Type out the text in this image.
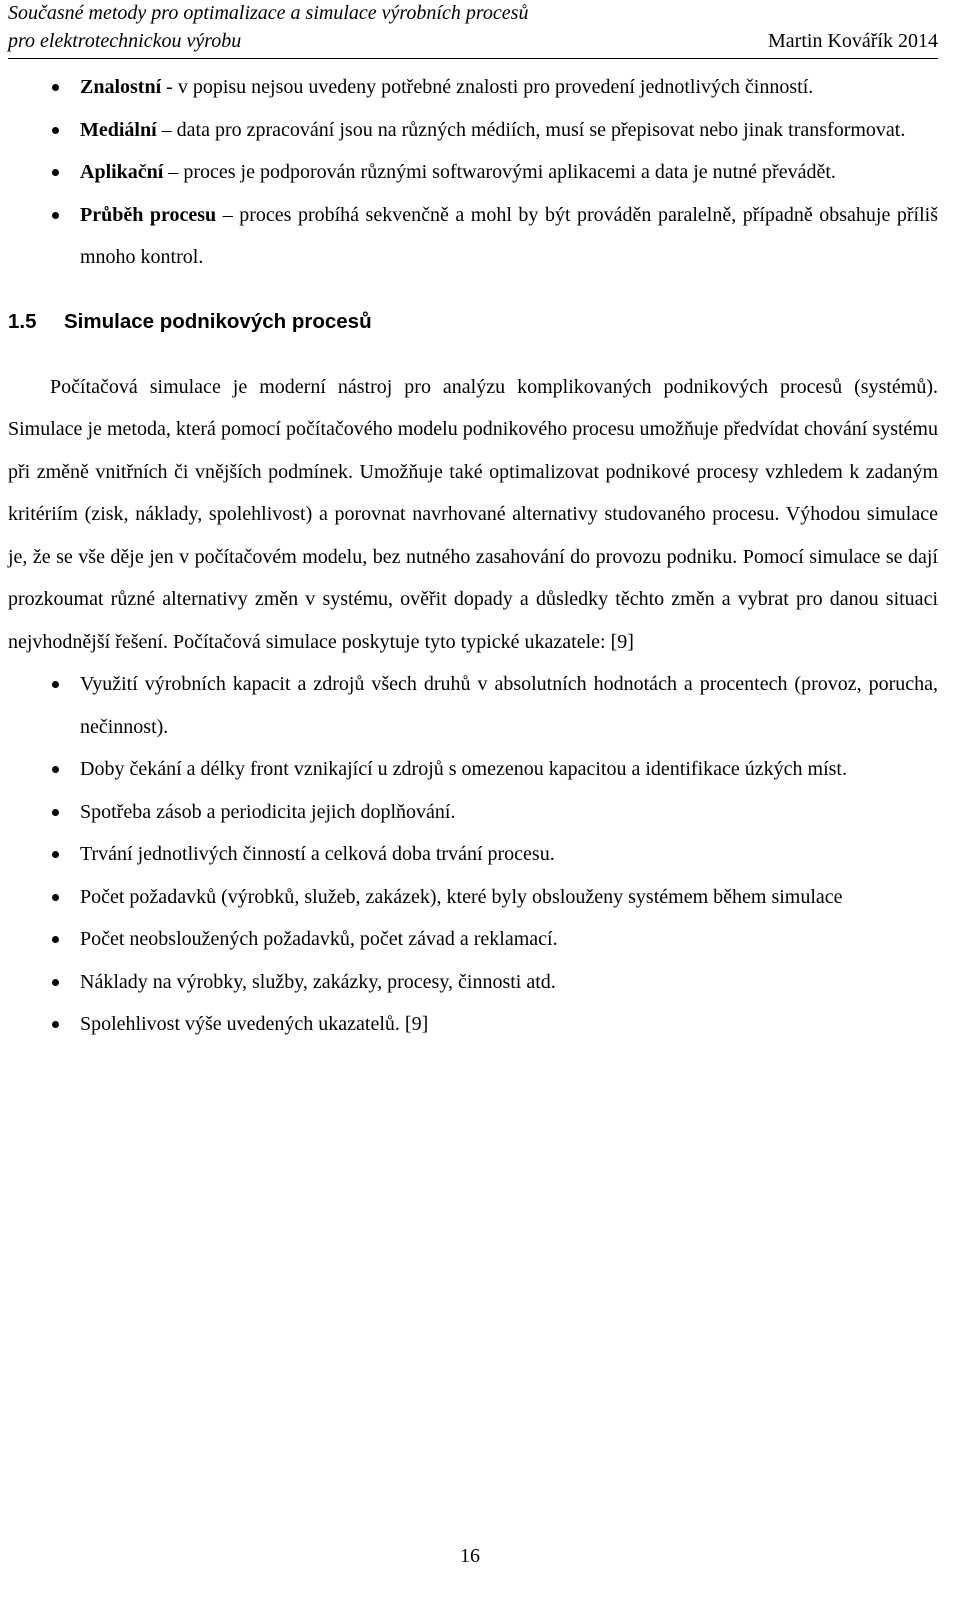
Současné metody pro optimalizace a simulace výrobních procesů
pro elektrotechnickou výrobu	Martin Kovářík 2014
Znalostní - v popisu nejsou uvedeny potřebné znalosti pro provedení jednotlivých činností.
Mediální – data pro zpracování jsou na různých médiích, musí se přepisovat nebo jinak transformovat.
Aplikační – proces je podporován různými softwarovými aplikacemi a data je nutné převádět.
Průběh procesu – proces probíhá sekvenčně a mohl by být prováděn paralelně, případně obsahuje příliš mnoho kontrol.
1.5 Simulace podnikových procesů
Počítačová simulace je moderní nástroj pro analýzu komplikovaných podnikových procesů (systémů). Simulace je metoda, která pomocí počítačového modelu podnikového procesu umožňuje předvídat chování systému při změně vnitřních či vnějších podmínek. Umožňuje také optimalizovat podnikové procesy vzhledem k zadaným kritériím (zisk, náklady, spolehlivost) a porovnat navrhované alternativy studovaného procesu. Výhodou simulace je, že se vše děje jen v počítačovém modelu, bez nutného zasahování do provozu podniku. Pomocí simulace se dají prozkoumat různé alternativy změn v systému, ověřit dopady a důsledky těchto změn a vybrat pro danou situaci nejvhodnější řešení. Počítačová simulace poskytuje tyto typické ukazatele: [9]
Využití výrobních kapacit a zdrojů všech druhů v absolutních hodnotách a procentech (provoz, porucha, nečinnost).
Doby čekání a délky front vznikající u zdrojů s omezenou kapacitou a identifikace úzkých míst.
Spotřeba zásob a periodicita jejich doplňování.
Trvání jednotlivých činností a celková doba trvání procesu.
Počet požadavků (výrobků, služeb, zakázek), které byly obslouženy systémem během simulace
Počet neobsloužených požadavků, počet závad a reklamací.
Náklady na výrobky, služby, zakázky, procesy, činnosti atd.
Spolehlivost výše uvedených ukazatelů. [9]
16
